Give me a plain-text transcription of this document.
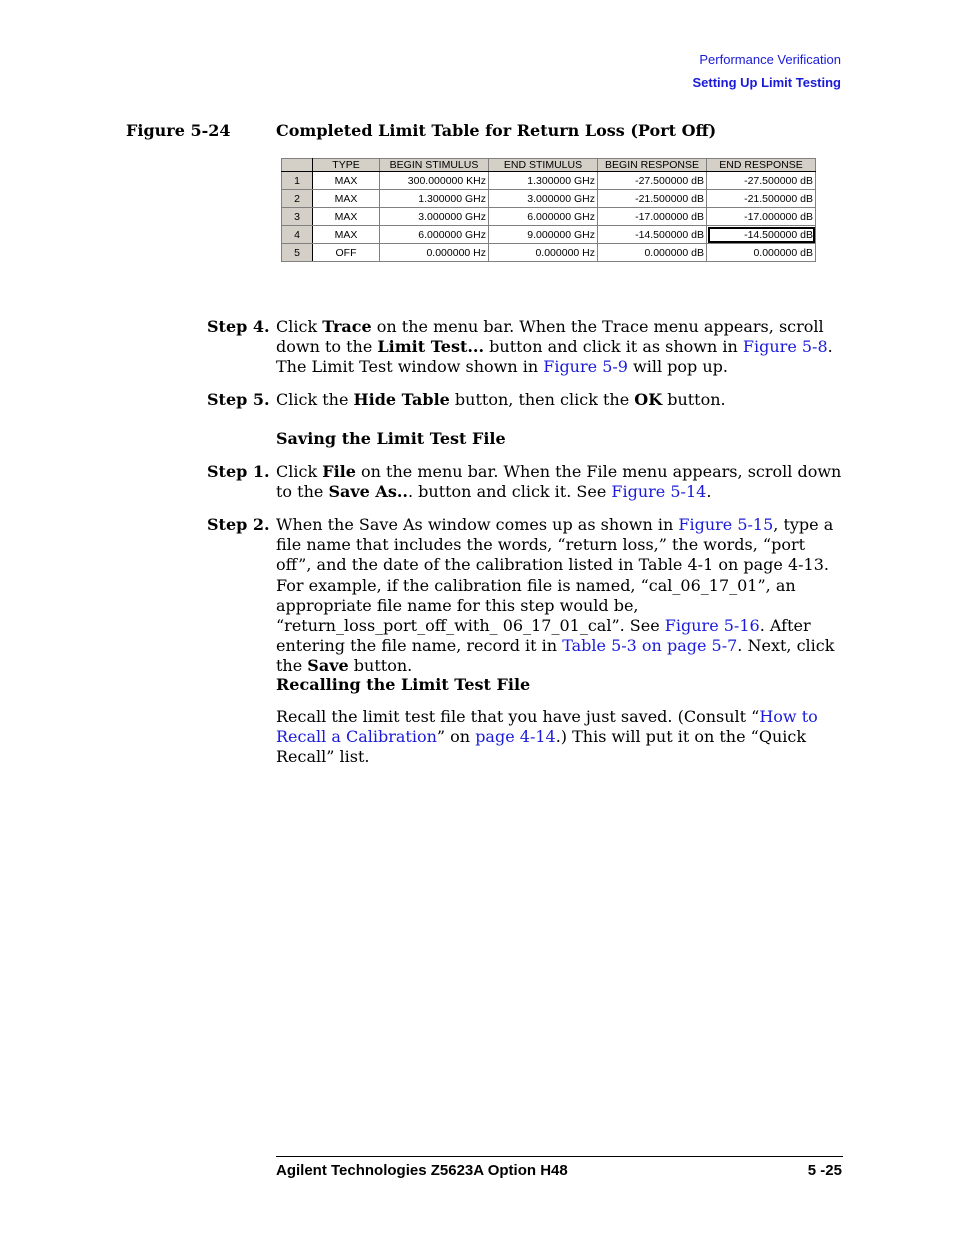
Performance Verification
Setting Up Limit Testing
Figure 5-24	Completed Limit Table for Return Loss (Port Off)
	TYPE	BEGIN STIMULUS	END STIMULUS	BEGIN RESPONSE	END RESPONSE
1	MAX	300.000000 KHz	1.300000 GHz	-27.500000 dB	-27.500000 dB
2	MAX	1.300000 GHz	3.000000 GHz	-21.500000 dB	-21.500000 dB
3	MAX	3.000000 GHz	6.000000 GHz	-17.000000 dB	-17.000000 dB
4	MAX	6.000000 GHz	9.000000 GHz	-14.500000 dB	-14.500000 dB
5	OFF	0.000000 Hz	0.000000 Hz	0.000000 dB	0.000000 dB
Step 4. Click Trace on the menu bar. When the Trace menu appears, scroll down to the Limit Test... button and click it as shown in Figure 5-8. The Limit Test window shown in Figure 5-9 will pop up.
Step 5. Click the Hide Table button, then click the OK button.
Saving the Limit Test File
Step 1. Click File on the menu bar. When the File menu appears, scroll down to the Save As... button and click it. See Figure 5-14.
Step 2. When the Save As window comes up as shown in Figure 5-15, type a file name that includes the words, “return loss,” the words, “port off”, and the date of the calibration listed in Table 4-1 on page 4-13. For example, if the calibration file is named, “cal_06_17_01”, an appropriate file name for this step would be, “return_loss_port_off_with_ 06_17_01_cal”. See Figure 5-16. After entering the file name, record it in Table 5-3 on page 5-7. Next, click the Save button.
Recalling the Limit Test File
Recall the limit test file that you have just saved. (Consult “How to Recall a Calibration” on page 4-14.) This will put it on the “Quick Recall” list.
Agilent Technologies Z5623A Option H48	5 -25
